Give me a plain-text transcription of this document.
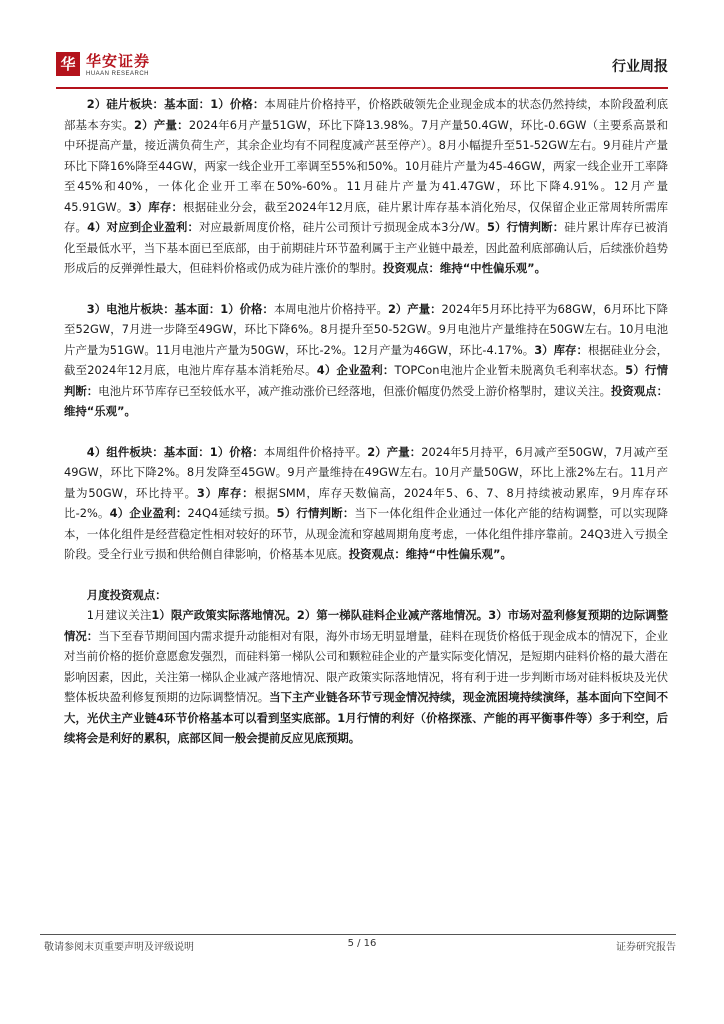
华 华安证券
HUAAN RESEARCH	行业周报

2）硅片板块：基本面：1）价格：本周硅片价格持平，价格跌破领先企业现金成本的状态仍然持续，本阶段盈利底部基本夯实。2）产量：2024年6月产量51GW，环比下降13.98%。7月产量50.4GW，环比-0.6GW（主要系高景和中环提高产量，接近满负荷生产，其余企业均有不同程度减产甚至停产）。8月小幅提升至51-52GW左右。9月硅片产量环比下降16%降至44GW，两家一线企业开工率调至55%和50%。10月硅片产量为45-46GW，两家一线企业开工率降至45%和40%，一体化企业开工率在50%-60%。11月硅片产量为41.47GW，环比下降4.91%。12月产量45.91GW。3）库存：根据硅业分会，截至2024年12月底，硅片累计库存基本消化殆尽，仅保留企业正常周转所需库存。4）对应到企业盈利：对应最新周度价格，硅片公司预计亏损现金成本3分/W。5）行情判断：硅片累计库存已被消化至最低水平，当下基本面已至底部，由于前期硅片环节盈利属于主产业链中最差，因此盈利底部确认后，后续涨价趋势形成后的反弹弹性最大，但硅料价格或仍成为硅片涨价的掣肘。投资观点：维持“中性偏乐观”。

3）电池片板块：基本面：1）价格：本周电池片价格持平。2）产量：2024年5月环比持平为68GW，6月环比下降至52GW，7月进一步降至49GW，环比下降6%。8月提升至50-52GW。9月电池片产量维持在50GW左右。10月电池片产量为51GW。11月电池片产量为50GW，环比-2%。12月产量为46GW，环比-4.17%。3）库存：根据硅业分会，截至2024年12月底，电池片库存基本消耗殆尽。4）企业盈利：TOPCon电池片企业暂未脱离负毛利率状态。5）行情判断：电池片环节库存已至较低水平，减产推动涨价已经落地，但涨价幅度仍然受上游价格掣肘，建议关注。投资观点：维持“乐观”。

4）组件板块：基本面：1）价格：本周组件价格持平。2）产量：2024年5月持平，6月减产至50GW，7月减产至49GW，环比下降2%。8月发降至45GW。9月产量维持在49GW左右。10月产量50GW，环比上涨2%左右。11月产量为50GW，环比持平。3）库存：根据SMM，库存天数偏高，2024年5、6、7、8月持续被动累库，9月库存环比-2%。4）企业盈利：24Q4延续亏损。5）行情判断：当下一体化组件企业通过一体化产能的结构调整，可以实现降本，一体化组件是经营稳定性相对较好的环节，从现金流和穿越周期角度考虑，一体化组件排序靠前。24Q3进入亏损全阶段。受全行业亏损和供给侧自律影响，价格基本见底。投资观点：维持“中性偏乐观”。

月度投资观点：

1月建议关注1）限产政策实际落地情况。2）第一梯队硅料企业减产落地情况。3）市场对盈利修复预期的边际调整情况：当下至春节期间国内需求提升动能相对有限，海外市场无明显增量，硅料在现货价格低于现金成本的情况下，企业对当前价格的挺价意愿愈发强烈，而硅料第一梯队公司和颗粒硅企业的产量实际变化情况，是短期内硅料价格的最大潜在影响因素，因此，关注第一梯队企业减产落地情况、限产政策实际落地情况，将有利于进一步判断市场对硅料板块及光伏整体板块盈利修复预期的边际调整情况。当下主产业链各环节亏现金情况持续，现金流困境持续演绎，基本面向下空间不大，光伏主产业链4环节价格基本可以看到坚实底部。1月行情的利好（价格探涨、产能的再平衡事件等）多于利空，后续将会是利好的累积，底部区间一般会提前反应见底预期。

敬请参阅末页重要声明及评级说明	5 / 16	证券研究报告
